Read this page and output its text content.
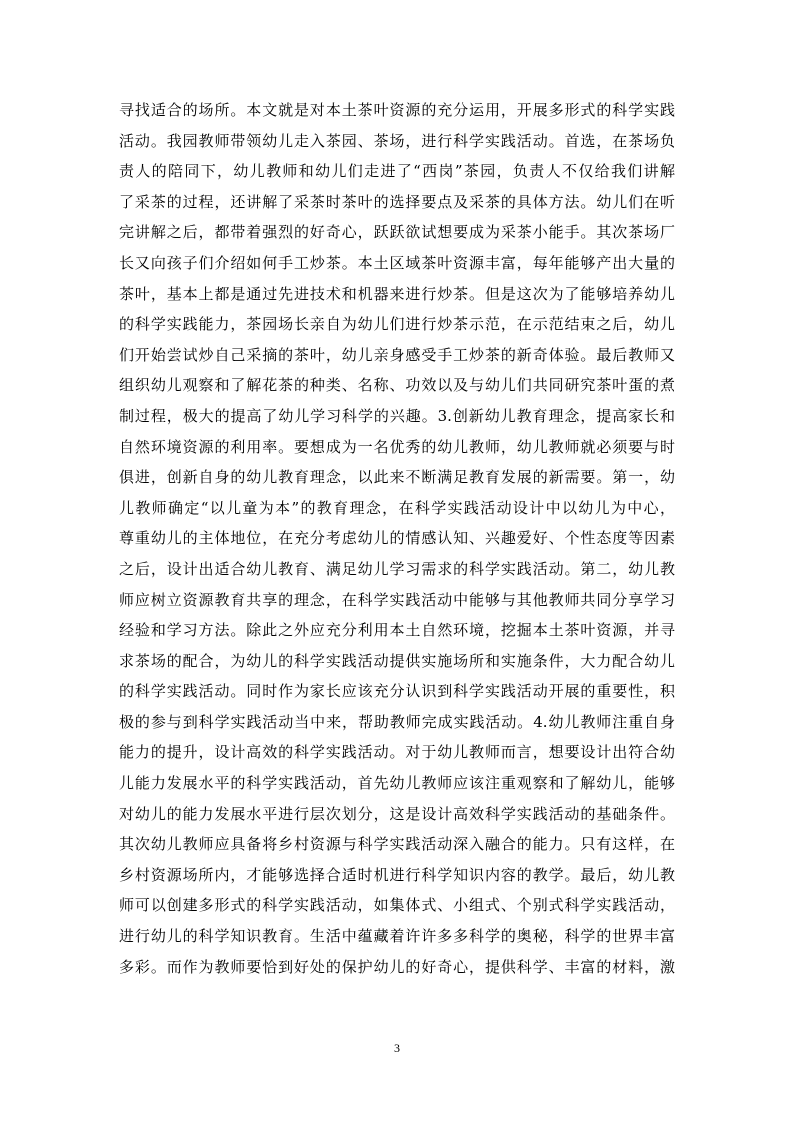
寻找适合的场所。本文就是对本土茶叶资源的充分运用，开展多形式的科学实践
活动。我园教师带领幼儿走入茶园、茶场，进行科学实践活动。首选，在茶场负
责人的陪同下，幼儿教师和幼儿们走进了“西岗”茶园，负责人不仅给我们讲解
了采茶的过程，还讲解了采茶时茶叶的选择要点及采茶的具体方法。幼儿们在听
完讲解之后，都带着强烈的好奇心，跃跃欲试想要成为采茶小能手。其次茶场厂
长又向孩子们介绍如何手工炒茶。本土区域茶叶资源丰富，每年能够产出大量的
茶叶，基本上都是通过先进技术和机器来进行炒茶。但是这次为了能够培养幼儿
的科学实践能力，茶园场长亲自为幼儿们进行炒茶示范，在示范结束之后，幼儿
们开始尝试炒自己采摘的茶叶，幼儿亲身感受手工炒茶的新奇体验。最后教师又
组织幼儿观察和了解花茶的种类、名称、功效以及与幼儿们共同研究茶叶蛋的煮
制过程，极大的提高了幼儿学习科学的兴趣。3.创新幼儿教育理念，提高家长和
自然环境资源的利用率。要想成为一名优秀的幼儿教师，幼儿教师就必须要与时
俱进，创新自身的幼儿教育理念，以此来不断满足教育发展的新需要。第一，幼
儿教师确定“以儿童为本”的教育理念，在科学实践活动设计中以幼儿为中心，
尊重幼儿的主体地位，在充分考虑幼儿的情感认知、兴趣爱好、个性态度等因素
之后，设计出适合幼儿教育、满足幼儿学习需求的科学实践活动。第二，幼儿教
师应树立资源教育共享的理念，在科学实践活动中能够与其他教师共同分享学习
经验和学习方法。除此之外应充分利用本土自然环境，挖掘本土茶叶资源，并寻
求茶场的配合，为幼儿的科学实践活动提供实施场所和实施条件，大力配合幼儿
的科学实践活动。同时作为家长应该充分认识到科学实践活动开展的重要性，积
极的参与到科学实践活动当中来，帮助教师完成实践活动。4.幼儿教师注重自身
能力的提升，设计高效的科学实践活动。对于幼儿教师而言，想要设计出符合幼
儿能力发展水平的科学实践活动，首先幼儿教师应该注重观察和了解幼儿，能够
对幼儿的能力发展水平进行层次划分，这是设计高效科学实践活动的基础条件。
其次幼儿教师应具备将乡村资源与科学实践活动深入融合的能力。只有这样，在
乡村资源场所内，才能够选择合适时机进行科学知识内容的教学。最后，幼儿教
师可以创建多形式的科学实践活动，如集体式、小组式、个别式科学实践活动，
进行幼儿的科学知识教育。生活中蕴藏着许许多多科学的奥秘，科学的世界丰富
多彩。而作为教师要恰到好处的保护幼儿的好奇心，提供科学、丰富的材料，激
3
